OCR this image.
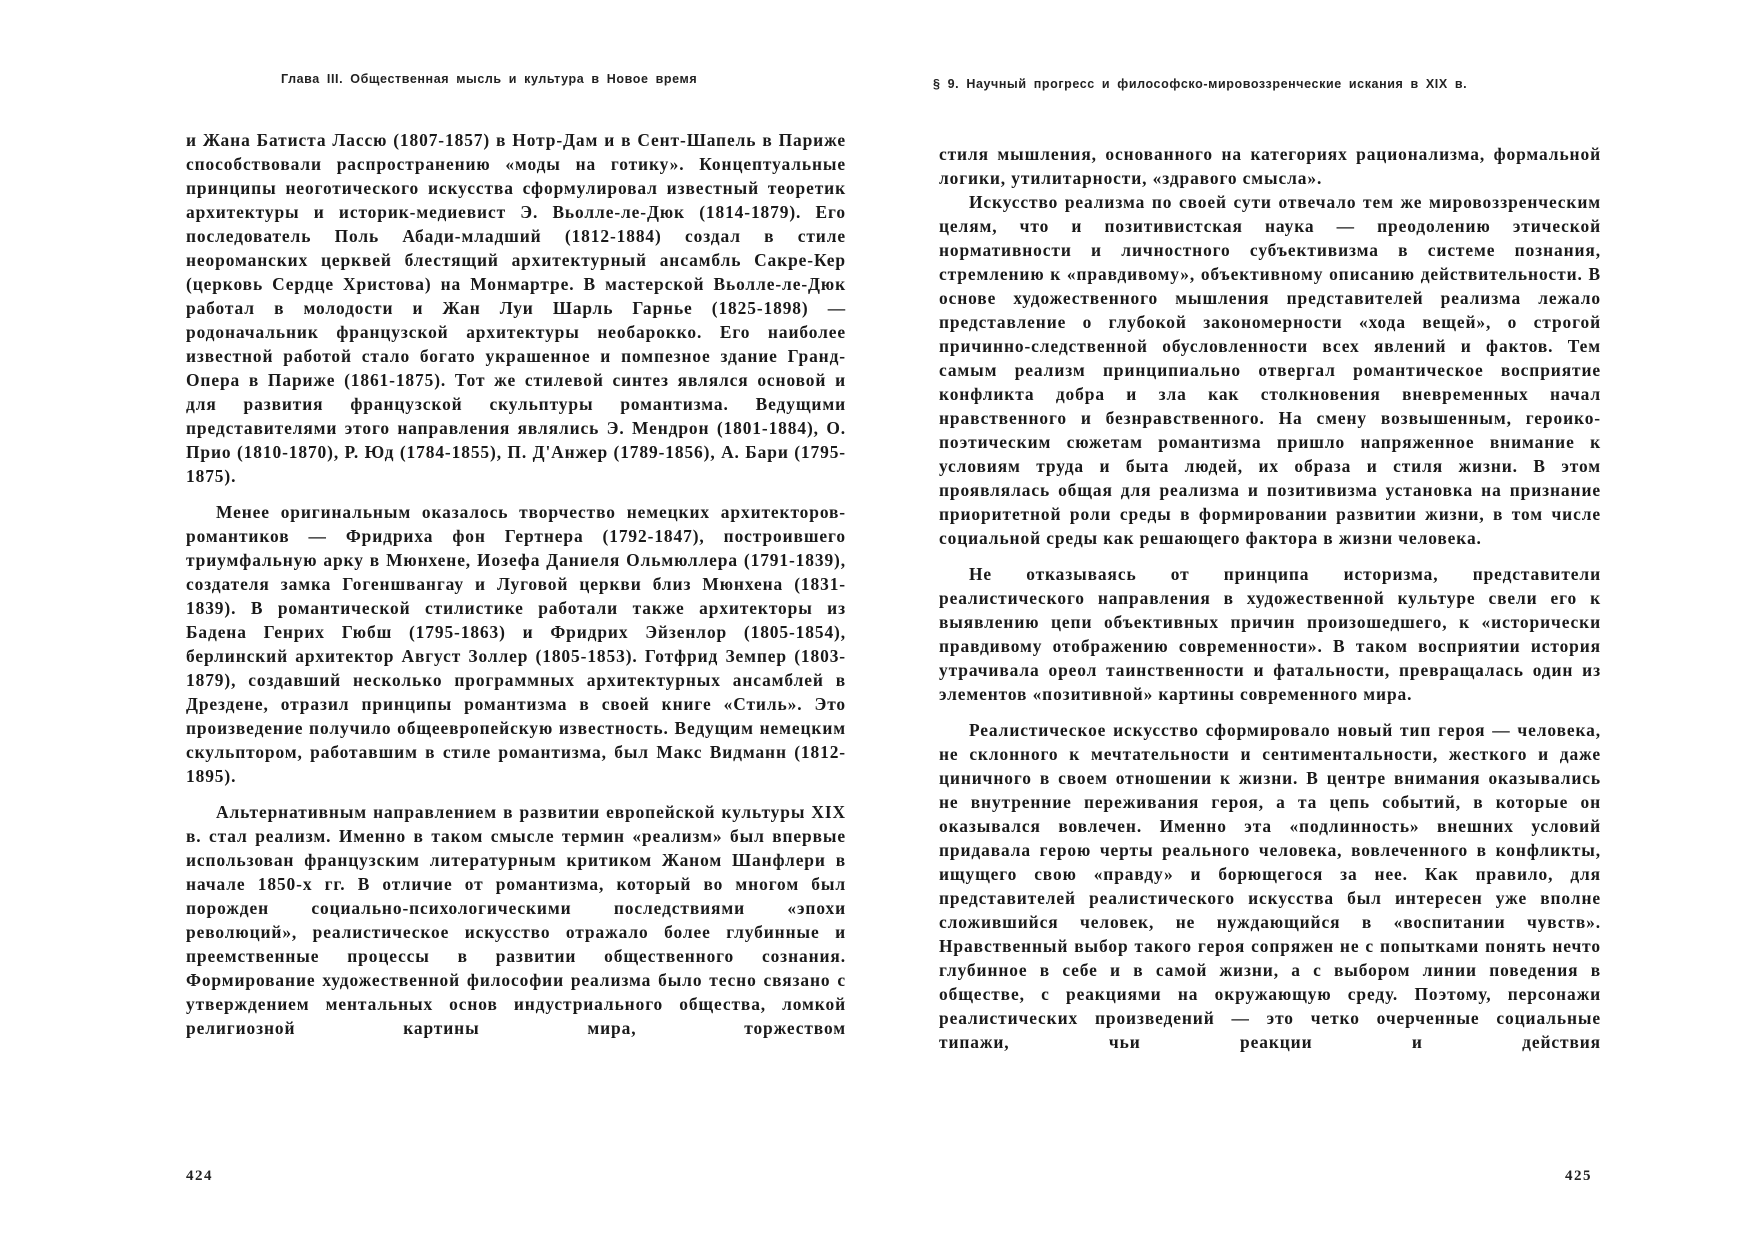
Глава III. Общественная мысль и культура в Новое время

и Жана Батиста Лассю (1807-1857) в Нотр-Дам и в Сент-Шапель в Париже способствовали распространению «моды на готику». Концептуальные принципы неоготического искусства сформулировал известный теоретик архитектуры и историк-медиевист Э. Вьолле-ле-Дюк (1814-1879). Его последователь Поль Абади-младший (1812-1884) создал в стиле неороманских церквей блестящий архитектурный ансамбль Сакре-Кер (церковь Сердце Христова) на Монмартре. В мастерской Вьолле-ле-Дюк работал в молодости и Жан Луи Шарль Гарнье (1825-1898) — родоначальник французской архитектуры необарокко. Его наиболее известной работой стало богато украшенное и помпезное здание Гранд-Опера в Париже (1861-1875). Тот же стилевой синтез являлся основой и для развития французской скульптуры романтизма. Ведущими представителями этого направления являлись Э. Мендрон (1801-1884), О. Прио (1810-1870), Р. Юд (1784-1855), П. Д'Анжер (1789-1856), А. Бари (1795-1875).

Менее оригинальным оказалось творчество немецких архитекторов-романтиков — Фридриха фон Гертнера (1792-1847), построившего триумфальную арку в Мюнхене, Иозефа Даниеля Ольмюллера (1791-1839), создателя замка Гогеншвангау и Луговой церкви близ Мюнхена (1831-1839). В романтической стилистике работали также архитекторы из Бадена Генрих Гюбш (1795-1863) и Фридрих Эйзенлор (1805-1854), берлинский архитектор Август Золлер (1805-1853). Готфрид Земпер (1803-1879), создавший несколько программных архитектурных ансамблей в Дрездене, отразил принципы романтизма в своей книге «Стиль». Это произведение получило общеевропейскую известность. Ведущим немецким скульптором, работавшим в стиле романтизма, был Макс Видманн (1812-1895).

Альтернативным направлением в развитии европейской культуры XIX в. стал реализм. Именно в таком смысле термин «реализм» был впервые использован французским литературным критиком Жаном Шанфлери в начале 1850-х гг. В отличие от романтизма, который во многом был порожден социально-психологическими последствиями «эпохи революций», реалистическое искусство отражало более глубинные и преемственные процессы в развитии общественного сознания. Формирование художественной философии реализма было тесно связано с утверждением ментальных основ индустриального общества, ломкой религиозной картины мира, торжеством

424
§ 9. Научный прогресс и философско-мировоззренческие искания в XIX в.

стиля мышления, основанного на категориях рационализма, формальной логики, утилитарности, «здравого смысла».

Искусство реализма по своей сути отвечало тем же мировоззренческим целям, что и позитивистская наука — преодолению этической нормативности и личностного субъективизма в системе познания, стремлению к «правдивому», объективному описанию действительности. В основе художественного мышления представителей реализма лежало представление о глубокой закономерности «хода вещей», о строгой причинно-следственной обусловленности всех явлений и фактов. Тем самым реализм принципиально отвергал романтическое восприятие конфликта добра и зла как столкновения вневременных начал нравственного и безнравственного. На смену возвышенным, героико-поэтическим сюжетам романтизма пришло напряженное внимание к условиям труда и быта людей, их образа и стиля жизни. В этом проявлялась общая для реализма и позитивизма установка на признание приоритетной роли среды в формировании развитии жизни, в том числе социальной среды как решающего фактора в жизни человека.

Не отказываясь от принципа историзма, представители реалистического направления в художественной культуре свели его к выявлению цепи объективных причин произошедшего, к «исторически правдивому отображению современности». В таком восприятии история утрачивала ореол таинственности и фатальности, превращалась один из элементов «позитивной» картины современного мира.

Реалистическое искусство сформировало новый тип героя — человека, не склонного к мечтательности и сентиментальности, жесткого и даже циничного в своем отношении к жизни. В центре внимания оказывались не внутренние переживания героя, а та цепь событий, в которые он оказывался вовлечен. Именно эта «подлинность» внешних условий придавала герою черты реального человека, вовлеченного в конфликты, ищущего свою «правду» и борющегося за нее. Как правило, для представителей реалистического искусства был интересен уже вполне сложившийся человек, не нуждающийся в «воспитании чувств». Нравственный выбор такого героя сопряжен не с попытками понять нечто глубинное в себе и в самой жизни, а с выбором линии поведения в обществе, с реакциями на окружающую среду. Поэтому, персонажи реалистических произведений — это четко очерченные социальные типажи, чьи реакции и действия

425
